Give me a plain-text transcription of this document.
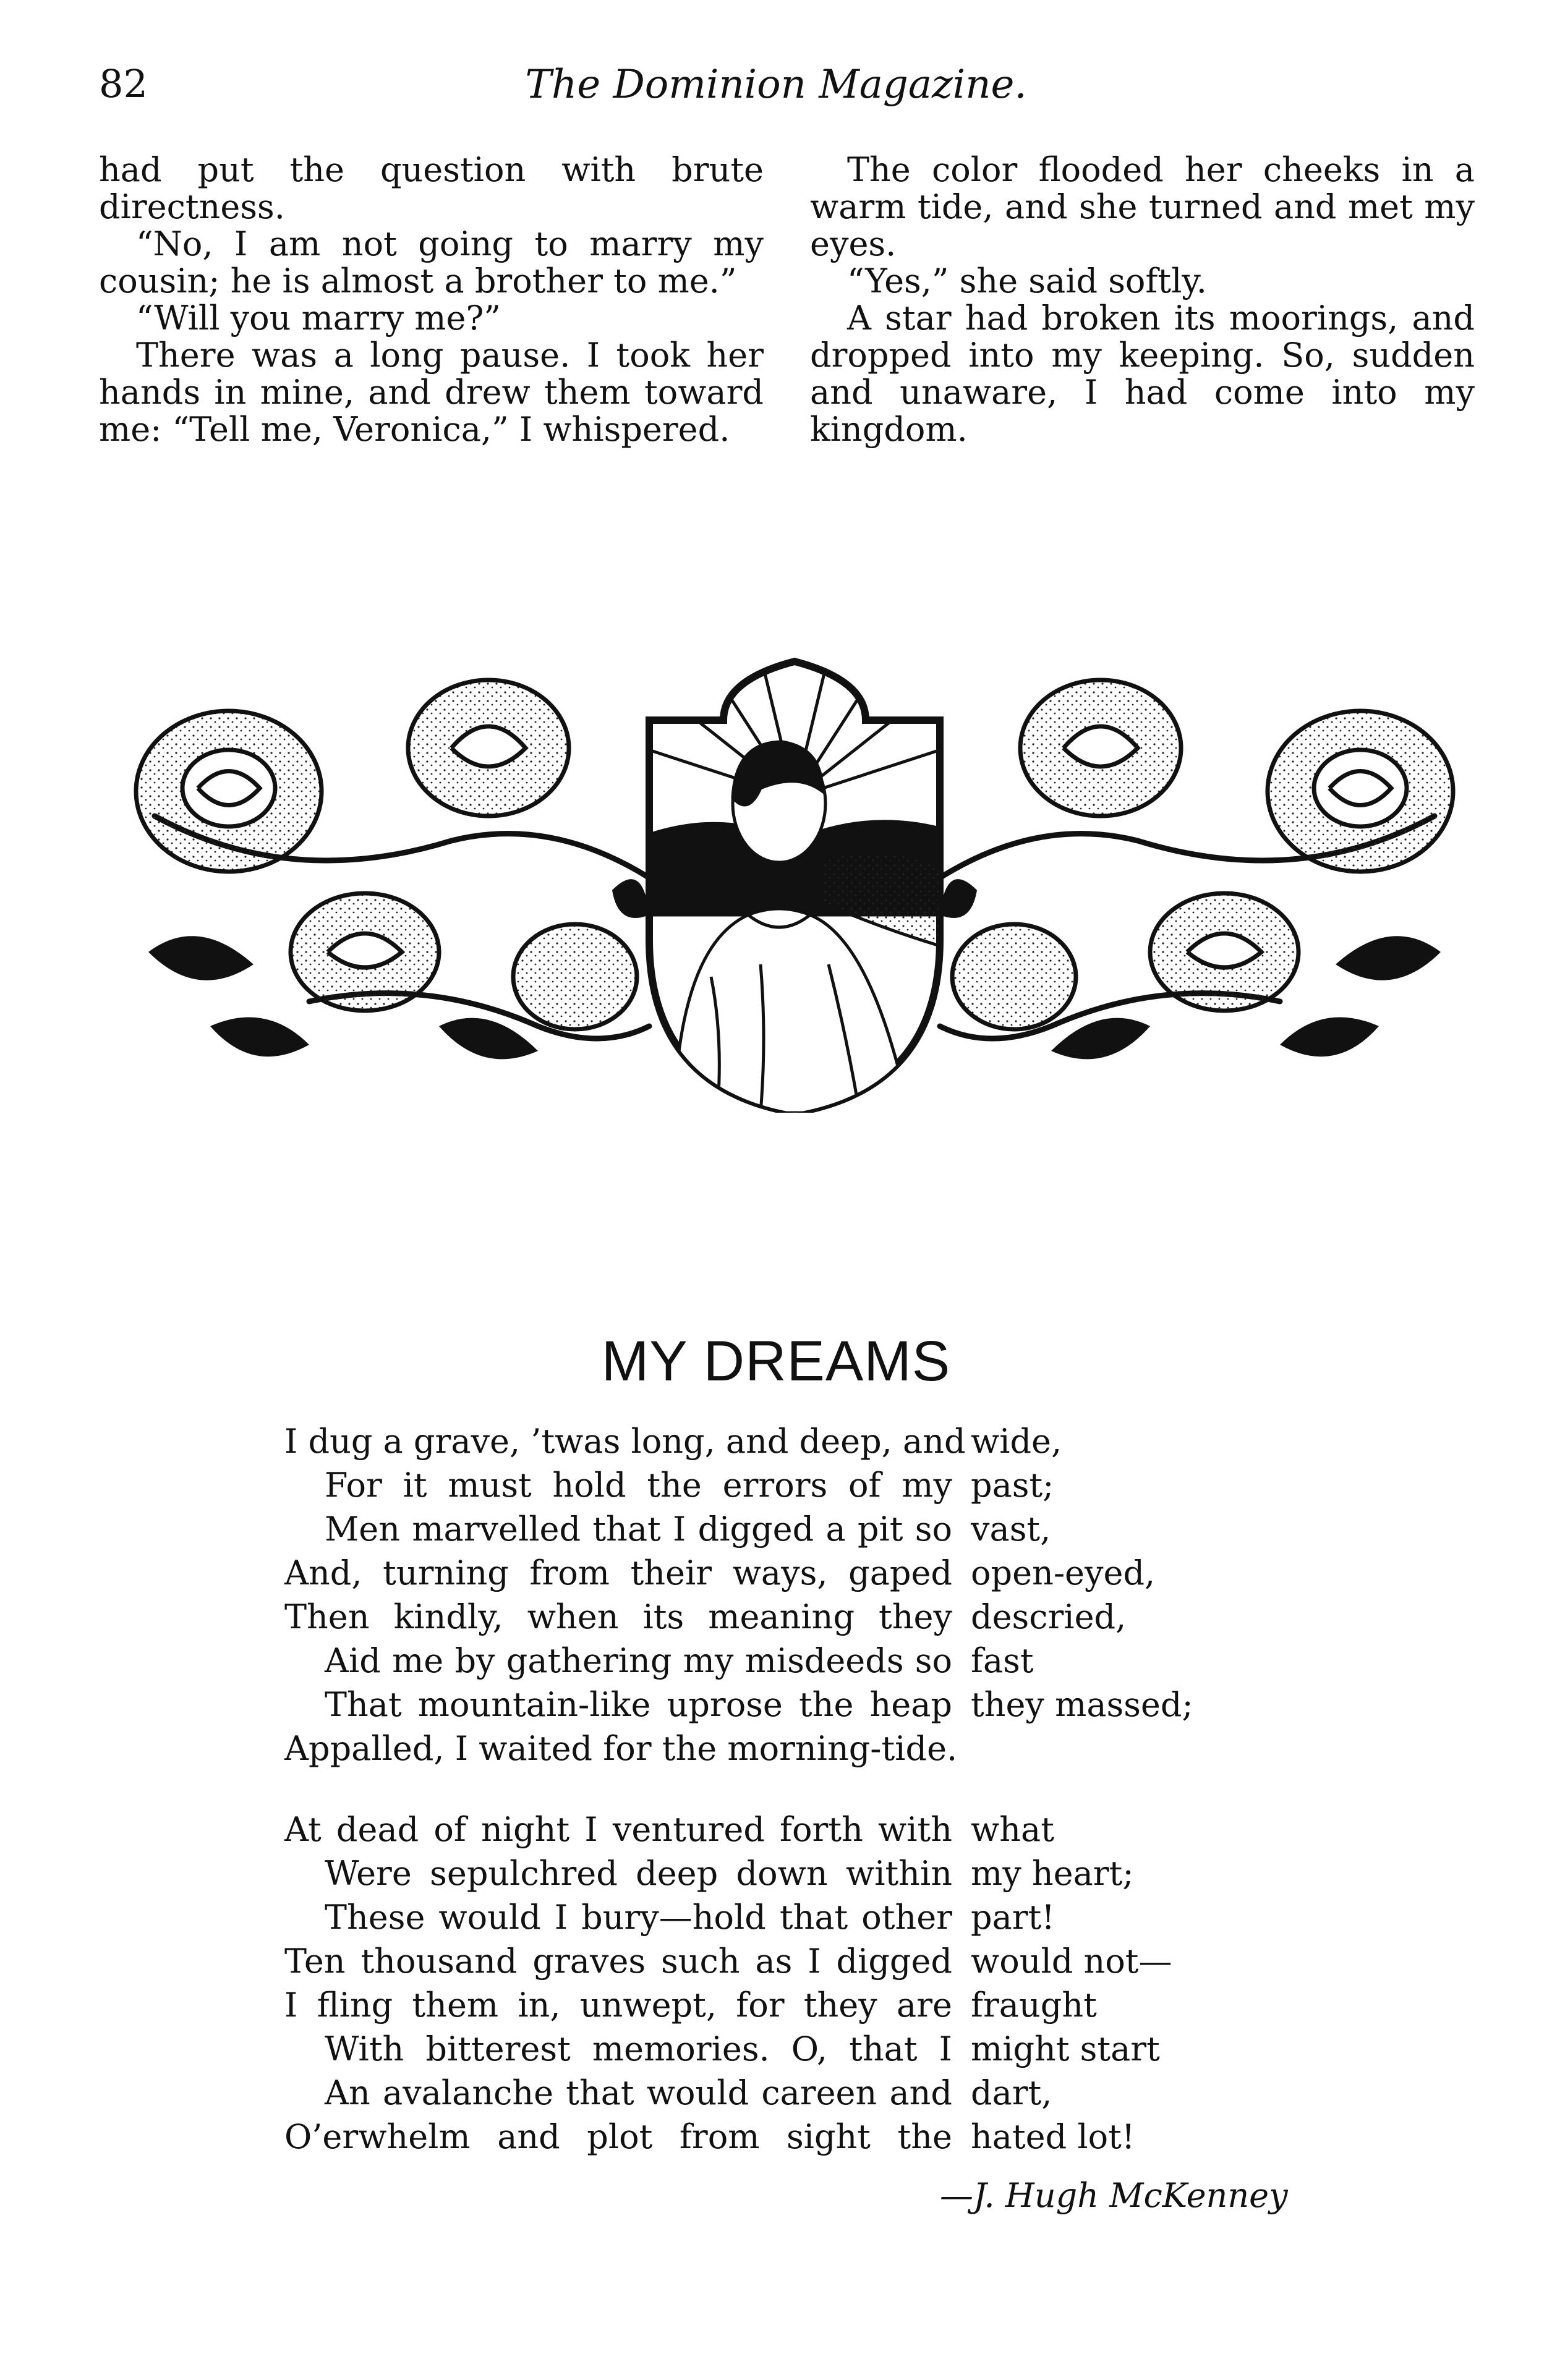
82	The Dominion Magazine.

had put the question with brute directness.

“No, I am not going to marry my cousin; he is almost a brother to me.”

“Will you marry me?”

There was a long pause. I took her hands in mine, and drew them toward me: “Tell me, Veronica,” I whispered.

The color flooded her cheeks in a warm tide, and she turned and met my eyes.

“Yes,” she said softly.

A star had broken its moorings, and dropped into my keeping. So, sudden and unaware, I had come into my kingdom.

MY DREAMS
I dug a grave, ’twas long, and deep, and wide,
For it must hold the errors of my past;
Men marvelled that I digged a pit so vast,
And, turning from their ways, gaped open-eyed,
Then kindly, when its meaning they descried,
Aid me by gathering my misdeeds so fast
That mountain-like uprose the heap they massed;
Appalled, I waited for the morning-tide.
At dead of night I ventured forth with what
Were sepulchred deep down within my heart;
These would I bury—hold that other part!
Ten thousand graves such as I digged would not—
I fling them in, unwept, for they are fraught
With bitterest memories. O, that I might start
An avalanche that would careen and dart,
O’erwhelm and plot from sight the hated lot!
—J. Hugh McKenney
